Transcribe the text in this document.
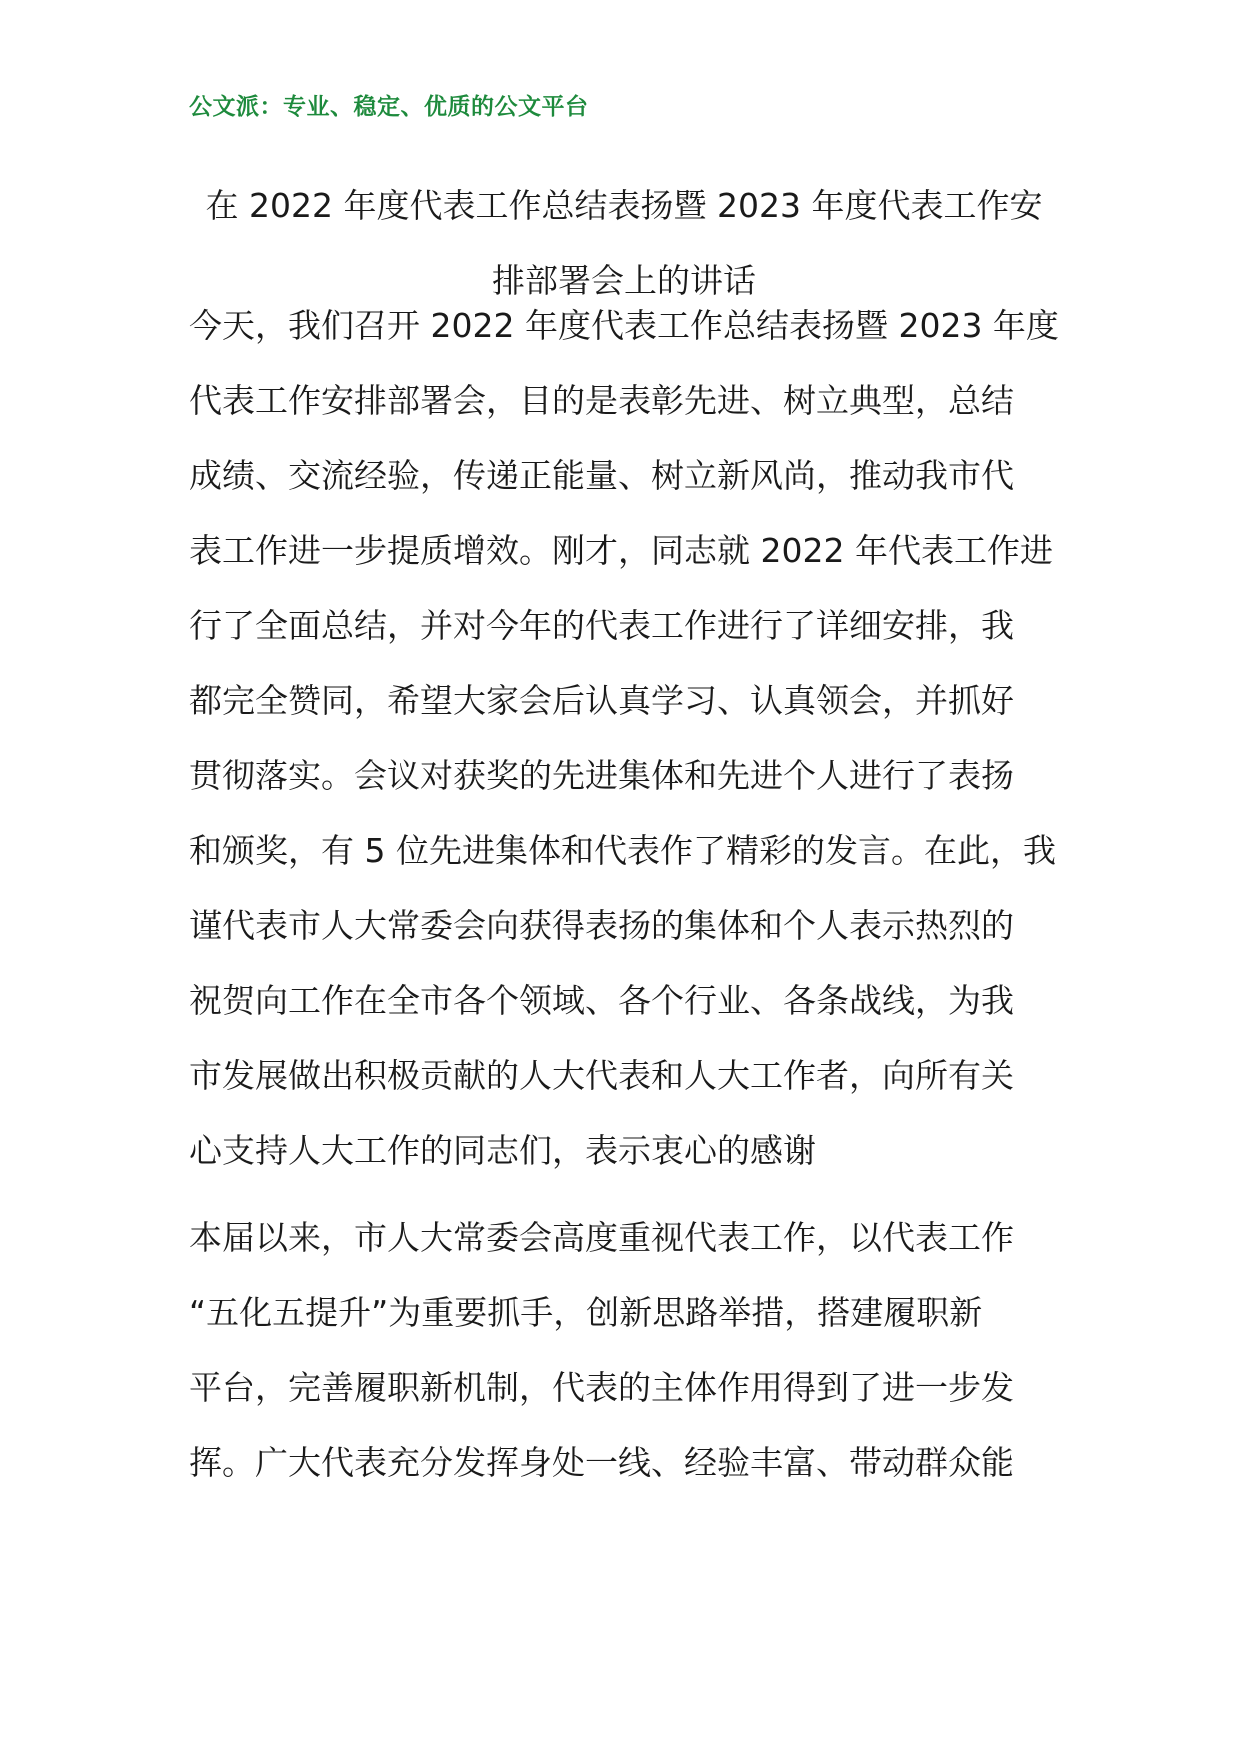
公文派：专业、稳定、优质的公文平台
在 2022 年度代表工作总结表扬暨 2023 年度代表工作安
排部署会上的讲话

今天，我们召开 2022 年度代表工作总结表扬暨 2023 年度
代表工作安排部署会，目的是表彰先进、树立典型，总结
成绩、交流经验，传递正能量、树立新风尚，推动我市代
表工作进一步提质增效。刚才，同志就 2022 年代表工作进
行了全面总结，并对今年的代表工作进行了详细安排，我
都完全赞同，希望大家会后认真学习、认真领会，并抓好
贯彻落实。会议对获奖的先进集体和先进个人进行了表扬
和颁奖，有 5 位先进集体和代表作了精彩的发言。在此，我
谨代表市人大常委会向获得表扬的集体和个人表示热烈的
祝贺向工作在全市各个领域、各个行业、各条战线，为我
市发展做出积极贡献的人大代表和人大工作者，向所有关
心支持人大工作的同志们，表示衷心的感谢

本届以来，市人大常委会高度重视代表工作，以代表工作
“五化五提升”为重要抓手，创新思路举措，搭建履职新
平台，完善履职新机制，代表的主体作用得到了进一步发
挥。广大代表充分发挥身处一线、经验丰富、带动群众能
